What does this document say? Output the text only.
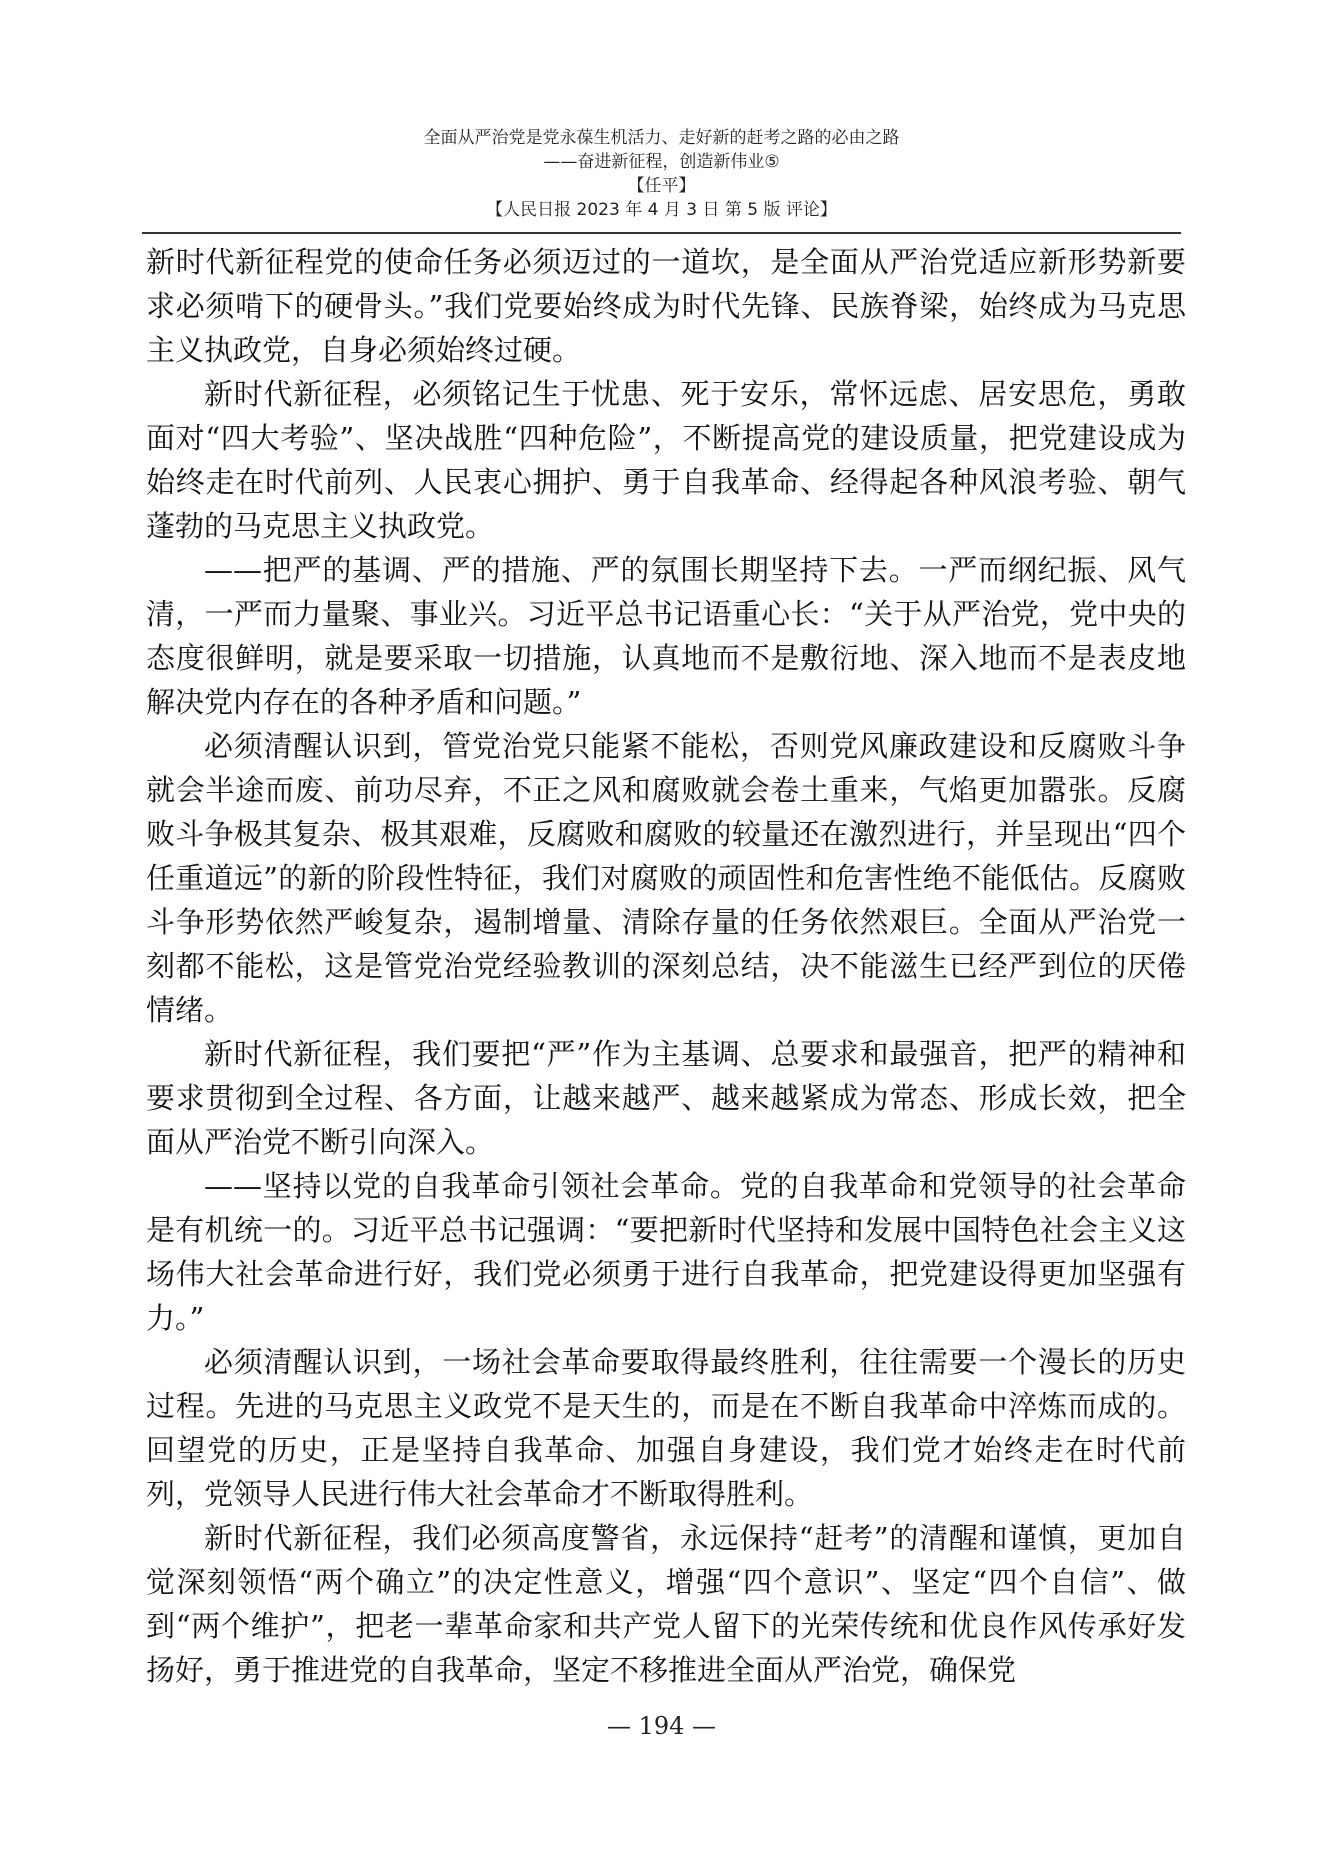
全面从严治党是党永葆生机活力、走好新的赶考之路的必由之路
——奋进新征程，创造新伟业⑤
【任平】
【人民日报 2023 年 4 月 3 日 第 5 版 评论】

新时代新征程党的使命任务必须迈过的一道坎，是全面从严治党适应新形势新要求必须啃下的硬骨头。”我们党要始终成为时代先锋、民族脊梁，始终成为马克思主义执政党，自身必须始终过硬。

新时代新征程，必须铭记生于忧患、死于安乐，常怀远虑、居安思危，勇敢面对“四大考验”、坚决战胜“四种危险”，不断提高党的建设质量，把党建设成为始终走在时代前列、人民衷心拥护、勇于自我革命、经得起各种风浪考验、朝气蓬勃的马克思主义执政党。

——把严的基调、严的措施、严的氛围长期坚持下去。一严而纲纪振、风气清，一严而力量聚、事业兴。习近平总书记语重心长：“关于从严治党，党中央的态度很鲜明，就是要采取一切措施，认真地而不是敷衍地、深入地而不是表皮地解决党内存在的各种矛盾和问题。”

必须清醒认识到，管党治党只能紧不能松，否则党风廉政建设和反腐败斗争就会半途而废、前功尽弃，不正之风和腐败就会卷土重来，气焰更加嚣张。反腐败斗争极其复杂、极其艰难，反腐败和腐败的较量还在激烈进行，并呈现出“四个任重道远”的新的阶段性特征，我们对腐败的顽固性和危害性绝不能低估。反腐败斗争形势依然严峻复杂，遏制增量、清除存量的任务依然艰巨。全面从严治党一刻都不能松，这是管党治党经验教训的深刻总结，决不能滋生已经严到位的厌倦情绪。

新时代新征程，我们要把“严”作为主基调、总要求和最强音，把严的精神和要求贯彻到全过程、各方面，让越来越严、越来越紧成为常态、形成长效，把全面从严治党不断引向深入。

——坚持以党的自我革命引领社会革命。党的自我革命和党领导的社会革命是有机统一的。习近平总书记强调：“要把新时代坚持和发展中国特色社会主义这场伟大社会革命进行好，我们党必须勇于进行自我革命，把党建设得更加坚强有力。”

必须清醒认识到，一场社会革命要取得最终胜利，往往需要一个漫长的历史过程。先进的马克思主义政党不是天生的，而是在不断自我革命中淬炼而成的。回望党的历史，正是坚持自我革命、加强自身建设，我们党才始终走在时代前列，党领导人民进行伟大社会革命才不断取得胜利。

新时代新征程，我们必须高度警省，永远保持“赶考”的清醒和谨慎，更加自觉深刻领悟“两个确立”的决定性意义，增强“四个意识”、坚定“四个自信”、做到“两个维护”，把老一辈革命家和共产党人留下的光荣传统和优良作风传承好发扬好，勇于推进党的自我革命，坚定不移推进全面从严治党，确保党

— 194 —
